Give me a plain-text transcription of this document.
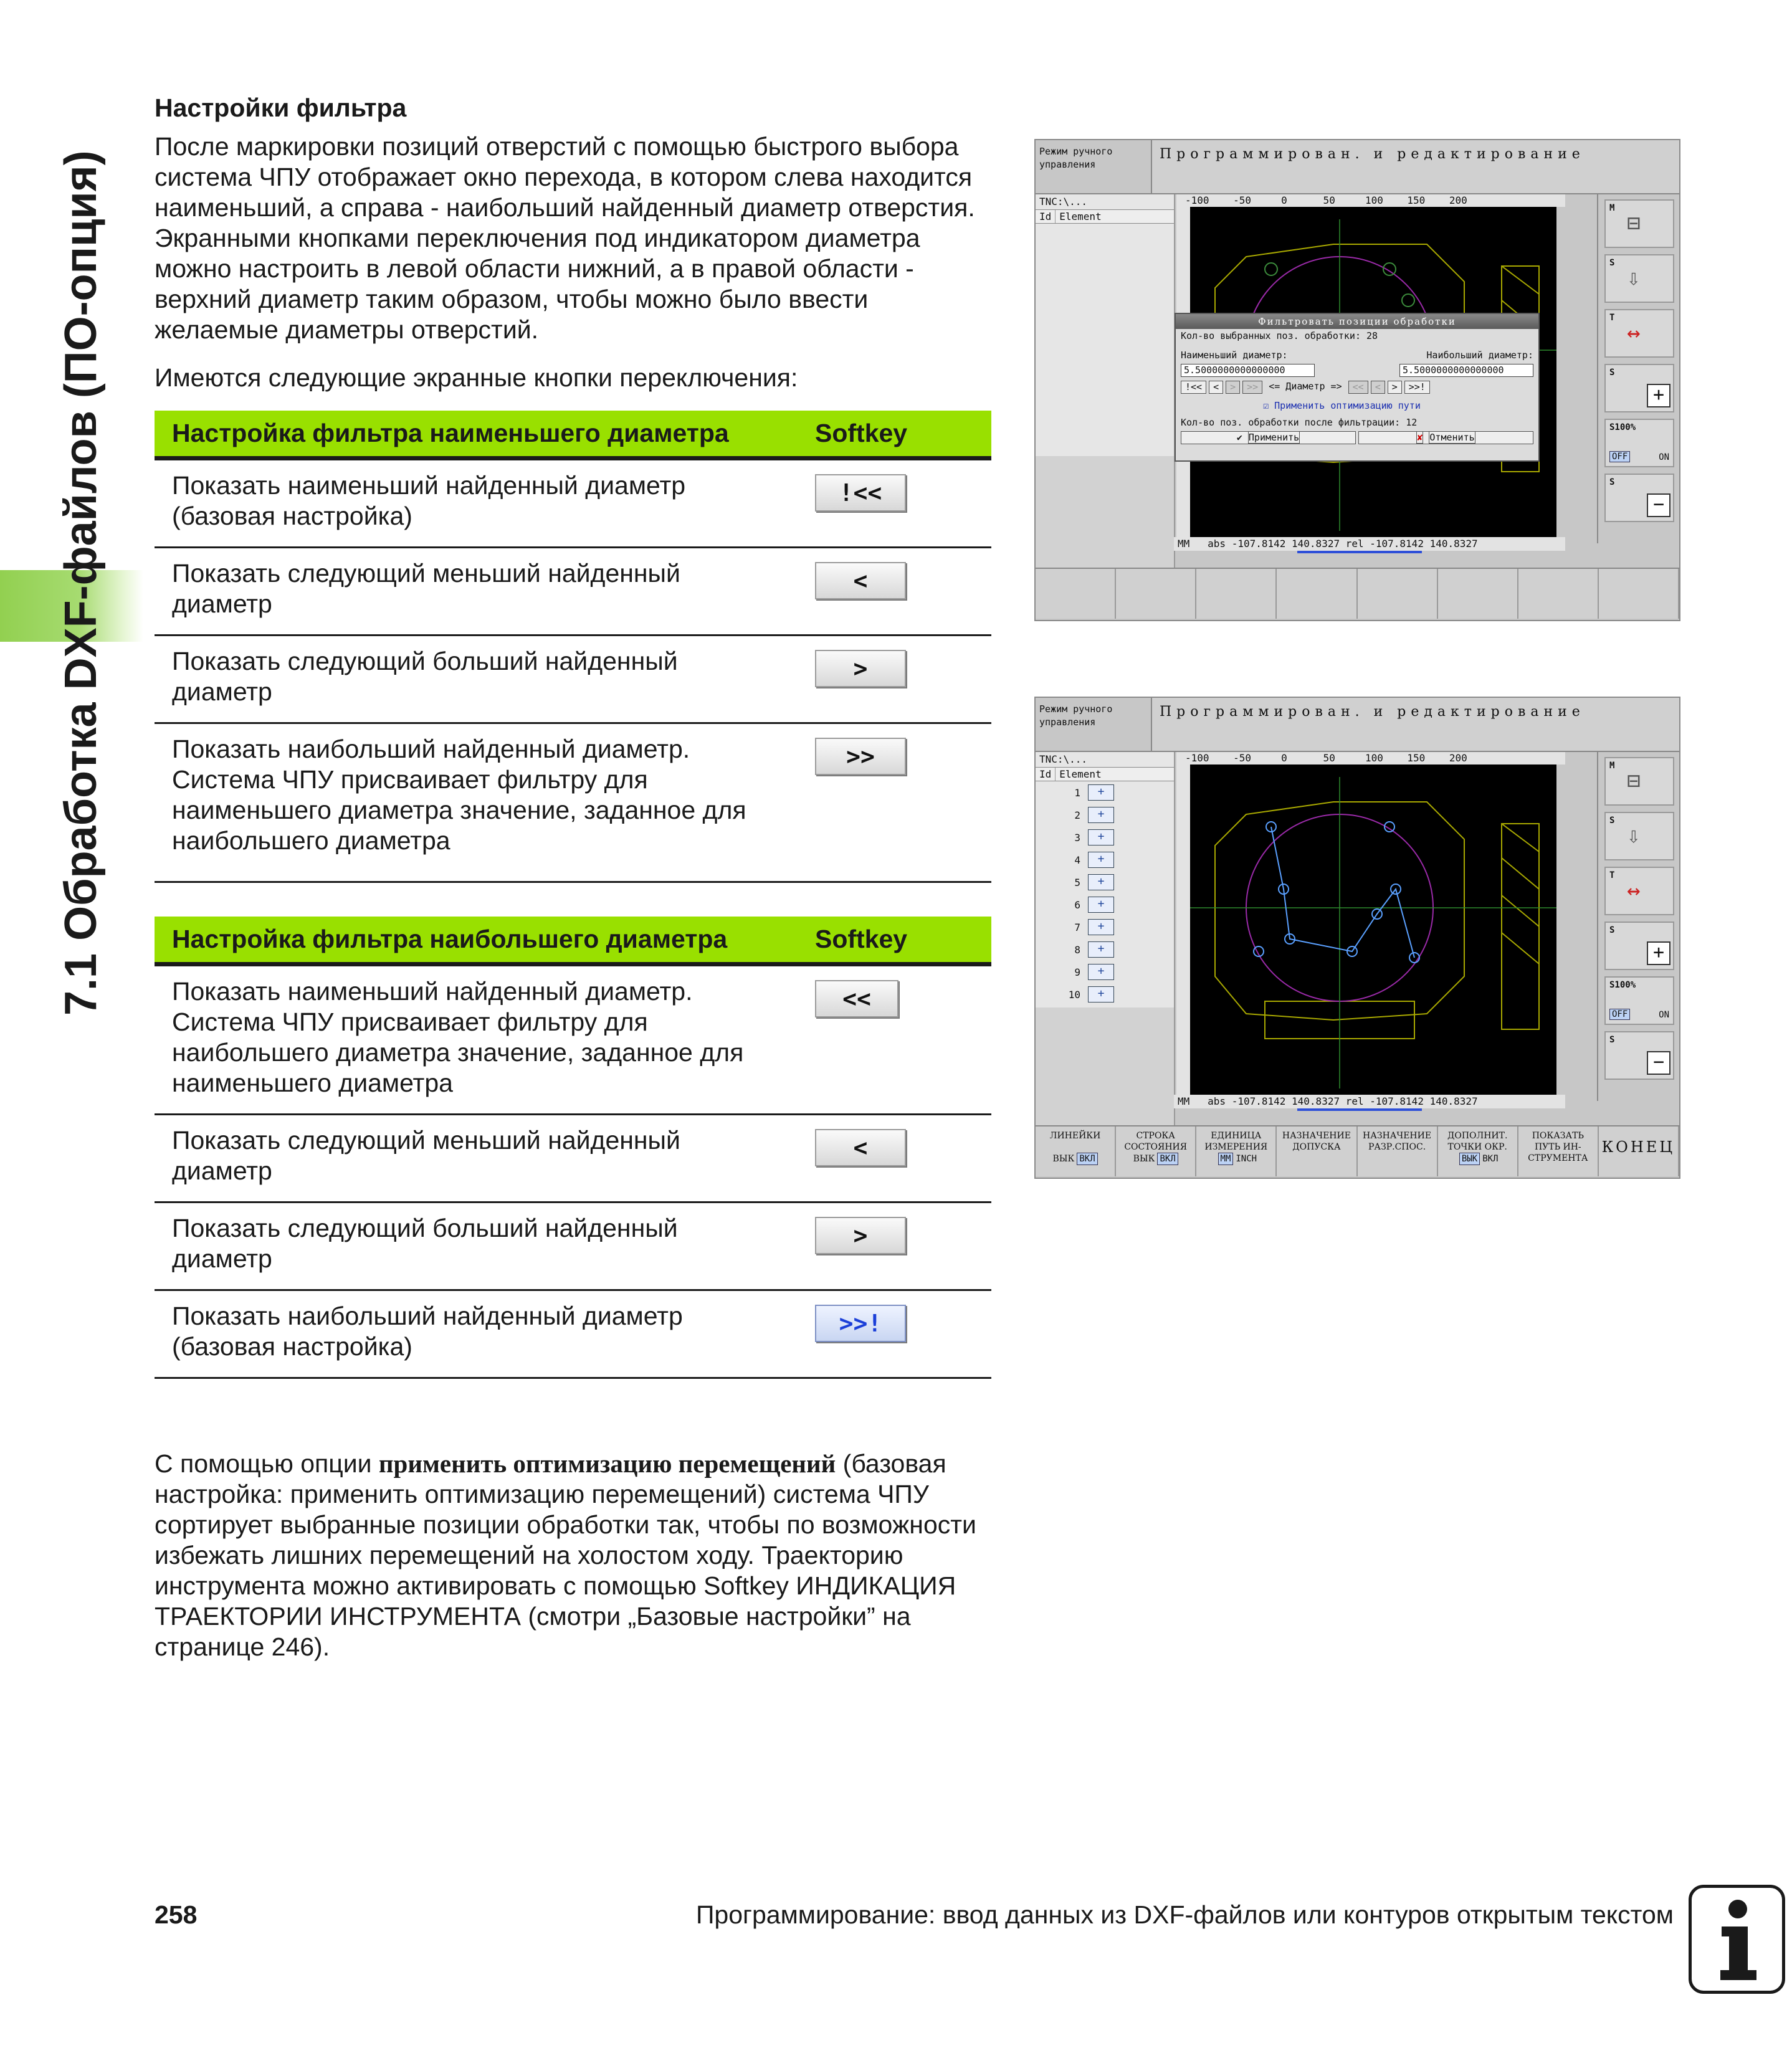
7.1 Обработка DXF-файлов (ПО-опция)
Настройки фильтра

После маркировки позиций отверстий с помощью быстрого выбора система ЧПУ отображает окно перехода, в котором слева находится наименьший, а справа - наибольший найденный диаметр отверстия. Экранными кнопками переключения под индикатором диаметра можно настроить в левой области нижний, а в правой области - верхний диаметр таким образом, чтобы можно было ввести желаемые диаметры отверстий.

Имеются следующие экранные кнопки переключения:

Настройка фильтра наименьшего диаметра	Softkey
Показать наименьший найденный диаметр (базовая настройка)	!<<
Показать следующий меньший найденный диаметр	<
Показать следующий больший найденный диаметр	>
Показать наибольший найденный диаметр. Система ЧПУ присваивает фильтру для наименьшего диаметра значение, заданное для наибольшего диаметра	>>
Настройка фильтра наибольшего диаметра	Softkey
Показать наименьший найденный диаметр. Система ЧПУ присваивает фильтру для наибольшего диаметра значение, заданное для наименьшего диаметра	<<
Показать следующий меньший найденный диаметр	<
Показать следующий больший найденный диаметр	>
Показать наибольший найденный диаметр (базовая настройка)	>>!
С помощью опции применить оптимизацию перемещений (базовая настройка: применить оптимизацию перемещений) система ЧПУ сортирует выбранные позиции обработки так, чтобы по возможности избежать лишних перемещений на холостом ходу. Траекторию инструмента можно активировать с помощью Softkey ИНДИКАЦИЯ ТРАЕКТОРИИ ИНСТРУМЕНТА (смотри „Базовые настройки” на странице 246).
Режим ручного управления
Программирован. и редактирование
TNC:\...
Id Element
-100    -50     0      50     100    150    200
MM   abs -107.8142 140.8327 rel -107.8142 140.8327
Фильтровать позиции обработки
Кол-во выбранных поз. обработки: 28
Наименьший диаметр:	Наибольший диаметр:
5.5000000000000000	5.5000000000000000
!<<	<	>	>>	<= Диаметр =>	<<	<	>	>>!
☑ Применить оптимизацию пути
Кол-во поз. обработки после фильтрации: 12
✔ Применить	✘ Отменить
M
⊟
S
⇩
T
↔
S
+
S100%
OFF	ON
S
−
Режим ручного управления
Программирован. и редактирование
TNC:\...
Id Element
1	+
2	+
3	+
4	+
5	+
6	+
7	+
8	+
9	+
10	+
-100    -50     0      50     100    150    200
MM   abs -107.8142 140.8327 rel -107.8142 140.8327
M
⊟
S
⇩
T
↔
S
+
S100%
OFF	ON
S
−
ЛИНЕЙКИ

ВЫК ВКЛ
СТРОКА СОСТОЯНИЯ
ВЫК ВКЛ
ЕДИНИЦА ИЗМЕРЕНИЯ
MM INCH
НАЗНАЧЕНИЕ ДОПУСКА
НАЗНАЧЕНИЕ РАЗР.СПОС.
ДОПОЛНИТ. ТОЧКИ ОКР.
ВЫК ВКЛ
ПОКАЗАТЬ ПУТЬ ИН- СТРУМЕНТА
КОНЕЦ
258	Программирование: ввод данных из DXF-файлов или контуров открытым текстом
